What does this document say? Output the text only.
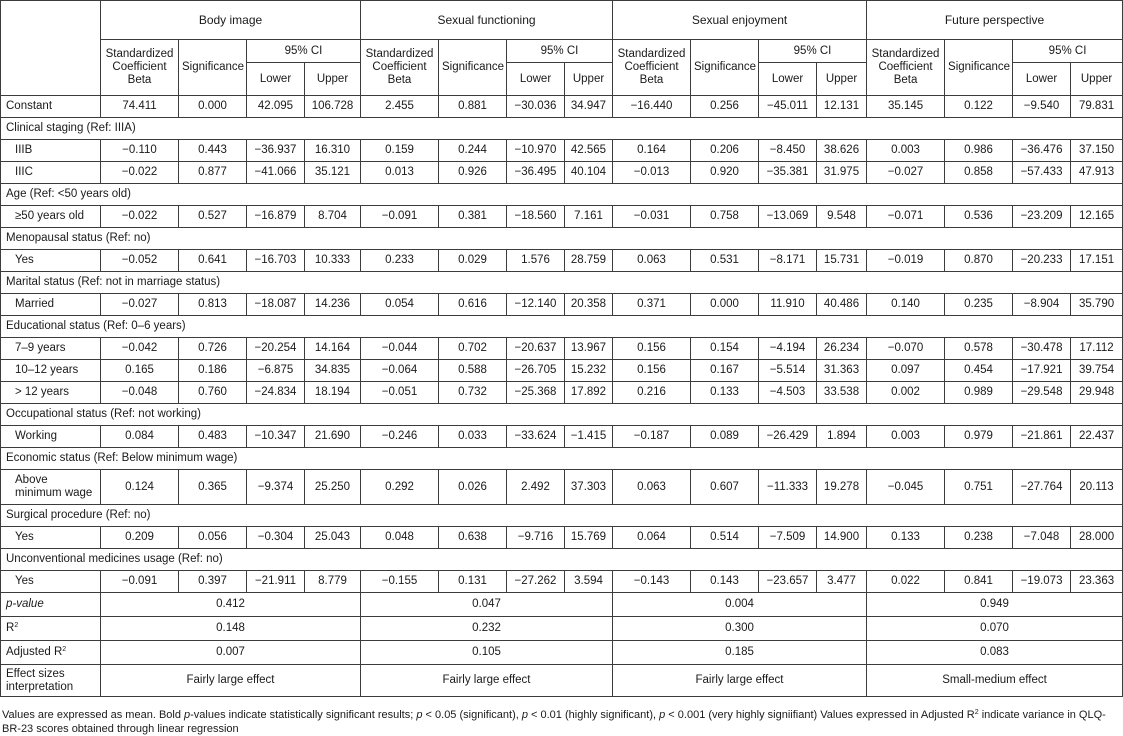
	Body image				Sexual functioning				Sexual enjoyment				Future perspective			
	Standardized Coefficient Beta	Significance	95% CI		Standardized Coefficient Beta	Significance	95% CI		Standardized Coefficient Beta	Significance	95% CI		Standardized Coefficient Beta	Significance	95% CI	
			Lower	Upper			Lower	Upper			Lower	Upper			Lower	Upper
Constant	74.411	0.000	42.095	106.728	2.455	0.881	−30.036	34.947	−16.440	0.256	−45.011	12.131	35.145	0.122	−9.540	79.831
Clinical staging (Ref: IIIA)																
IIIB	−0.110	0.443	−36.937	16.310	0.159	0.244	−10.970	42.565	0.164	0.206	−8.450	38.626	0.003	0.986	−36.476	37.150
IIIC	−0.022	0.877	−41.066	35.121	0.013	0.926	−36.495	40.104	−0.013	0.920	−35.381	31.975	−0.027	0.858	−57.433	47.913
Age (Ref: <50 years old)																
≥50 years old	−0.022	0.527	−16.879	8.704	−0.091	0.381	−18.560	7.161	−0.031	0.758	−13.069	9.548	−0.071	0.536	−23.209	12.165
Menopausal status (Ref: no)																
Yes	−0.052	0.641	−16.703	10.333	0.233	0.029	1.576	28.759	0.063	0.531	−8.171	15.731	−0.019	0.870	−20.233	17.151
Marital status (Ref: not in marriage status)																
Married	−0.027	0.813	−18.087	14.236	0.054	0.616	−12.140	20.358	0.371	0.000	11.910	40.486	0.140	0.235	−8.904	35.790
Educational status (Ref: 0–6 years)																
7–9 years	−0.042	0.726	−20.254	14.164	−0.044	0.702	−20.637	13.967	0.156	0.154	−4.194	26.234	−0.070	0.578	−30.478	17.112
10–12 years	0.165	0.186	−6.875	34.835	−0.064	0.588	−26.705	15.232	0.156	0.167	−5.514	31.363	0.097	0.454	−17.921	39.754
> 12 years	−0.048	0.760	−24.834	18.194	−0.051	0.732	−25.368	17.892	0.216	0.133	−4.503	33.538	0.002	0.989	−29.548	29.948
Occupational status (Ref: not working)																
Working	0.084	0.483	−10.347	21.690	−0.246	0.033	−33.624	−1.415	−0.187	0.089	−26.429	1.894	0.003	0.979	−21.861	22.437
Economic status (Ref: Below minimum wage)																
Above minimum wage	0.124	0.365	−9.374	25.250	0.292	0.026	2.492	37.303	0.063	0.607	−11.333	19.278	−0.045	0.751	−27.764	20.113
Surgical procedure (Ref: no)																
Yes	0.209	0.056	−0.304	25.043	0.048	0.638	−9.716	15.769	0.064	0.514	−7.509	14.900	0.133	0.238	−7.048	28.000
Unconventional medicines usage (Ref: no)																
Yes	−0.091	0.397	−21.911	8.779	−0.155	0.131	−27.262	3.594	−0.143	0.143	−23.657	3.477	0.022	0.841	−19.073	23.363
p-value	0.412				0.047				0.004				0.949			
$R^2$	0.148				0.232				0.300				0.070			
Adjusted $R^2$	0.007				0.105				0.185				0.083			
Effect sizes interpretation	Fairly large effect				Fairly large effect				Fairly large effect				Small-medium effect			
Values are expressed as mean. Bold p-values indicate statistically significant results; p < 0.05 (significant), p < 0.01 (highly significant), p < 0.001 (very highly signiifiant) Values expressed in Adjusted $R^2$ indicate variance in QLQ-BR-23 scores obtained through linear regression
